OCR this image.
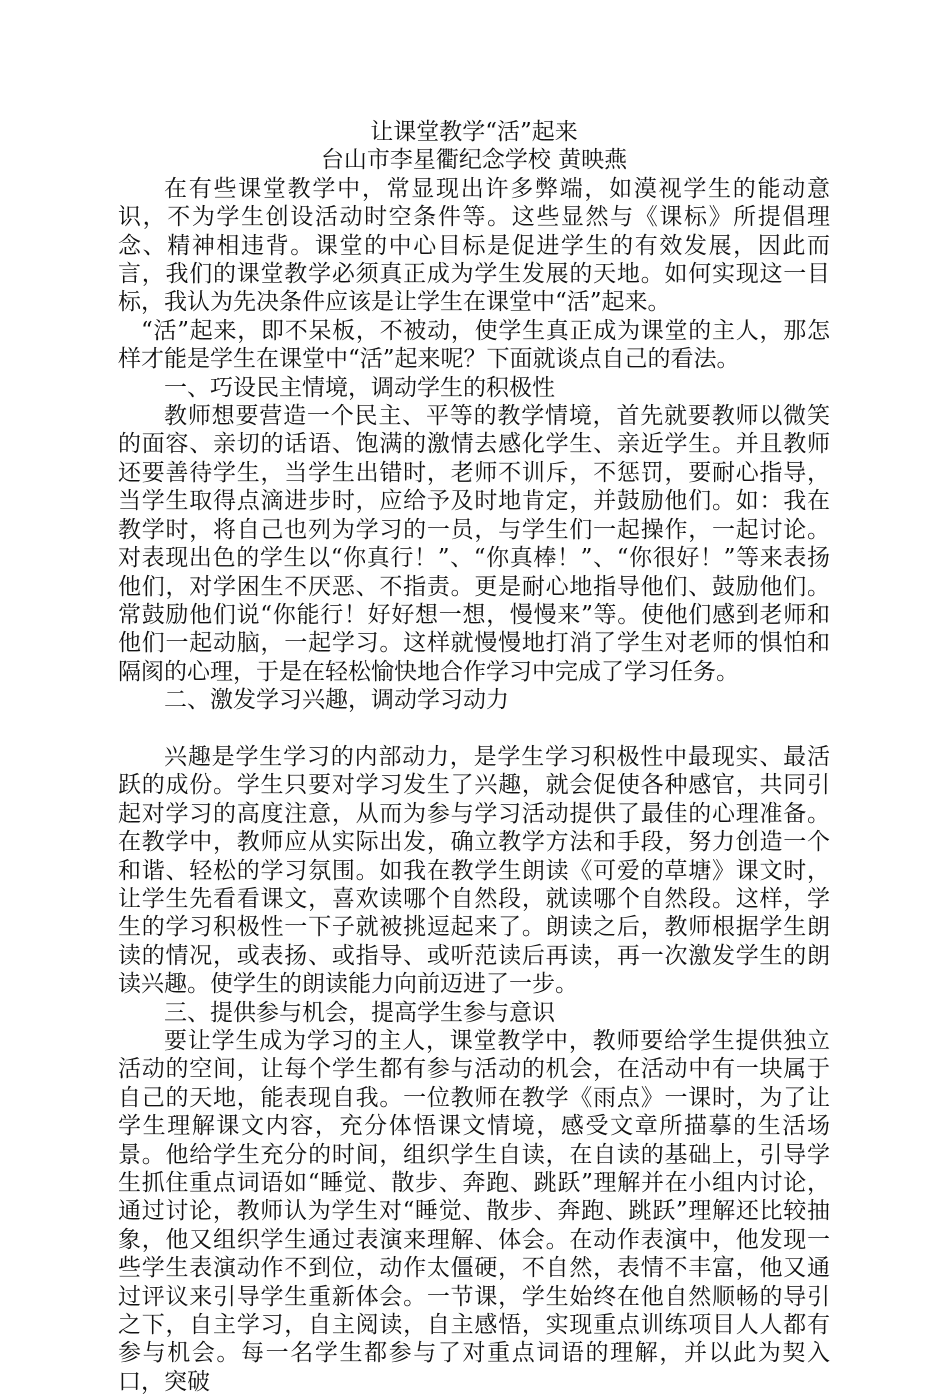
让课堂教学“活”起来
台山市李星衢纪念学校 黄映燕

在有些课堂教学中，常显现出许多弊端，如漠视学生的能动意识，不为学生创设活动时空条件等。这些显然与《课标》所提倡理念、精神相违背。课堂的中心目标是促进学生的有效发展，因此而言，我们的课堂教学必须真正成为学生发展的天地。如何实现这一目标，我认为先决条件应该是让学生在课堂中“活”起来。

“活”起来，即不呆板，不被动，使学生真正成为课堂的主人，那怎样才能是学生在课堂中“活”起来呢？下面就谈点自己的看法。

一、巧设民主情境，调动学生的积极性

教师想要营造一个民主、平等的教学情境，首先就要教师以微笑的面容、亲切的话语、饱满的激情去感化学生、亲近学生。并且教师还要善待学生，当学生出错时，老师不训斥，不惩罚，要耐心指导，当学生取得点滴进步时，应给予及时地肯定，并鼓励他们。如：我在教学时，将自己也列为学习的一员，与学生们一起操作，一起讨论。对表现出色的学生以“你真行！”、“你真棒！”、“你很好！”等来表扬他们，对学困生不厌恶、不指责。更是耐心地指导他们、鼓励他们。常鼓励他们说“你能行！好好想一想，慢慢来”等。使他们感到老师和他们一起动脑，一起学习。这样就慢慢地打消了学生对老师的惧怕和隔阂的心理，于是在轻松愉快地合作学习中完成了学习任务。

二、激发学习兴趣，调动学习动力

兴趣是学生学习的内部动力，是学生学习积极性中最现实、最活跃的成份。学生只要对学习发生了兴趣，就会促使各种感官，共同引起对学习的高度注意，从而为参与学习活动提供了最佳的心理准备。在教学中，教师应从实际出发，确立教学方法和手段，努力创造一个和谐、轻松的学习氛围。如我在教学生朗读《可爱的草塘》课文时，让学生先看看课文，喜欢读哪个自然段，就读哪个自然段。这样，学生的学习积极性一下子就被挑逗起来了。朗读之后，教师根据学生朗读的情况，或表扬、或指导、或听范读后再读，再一次激发学生的朗读兴趣。使学生的朗读能力向前迈进了一步。

三、提供参与机会，提高学生参与意识

要让学生成为学习的主人，课堂教学中，教师要给学生提供独立活动的空间，让每个学生都有参与活动的机会，在活动中有一块属于自己的天地，能表现自我。一位教师在教学《雨点》一课时，为了让学生理解课文内容，充分体悟课文情境，感受文章所描摹的生活场景。他给学生充分的时间，组织学生自读，在自读的基础上，引导学生抓住重点词语如“睡觉、散步、奔跑、跳跃”理解并在小组内讨论，通过讨论，教师认为学生对“睡觉、散步、奔跑、跳跃”理解还比较抽象，他又组织学生通过表演来理解、体会。在动作表演中，他发现一些学生表演动作不到位，动作太僵硬，不自然，表情不丰富，他又通过评议来引导学生重新体会。一节课，学生始终在他自然顺畅的导引之下，自主学习，自主阅读，自主感悟，实现重点训练项目人人都有参与机会。每一名学生都参与了对重点词语的理解，并以此为契入口，突破
